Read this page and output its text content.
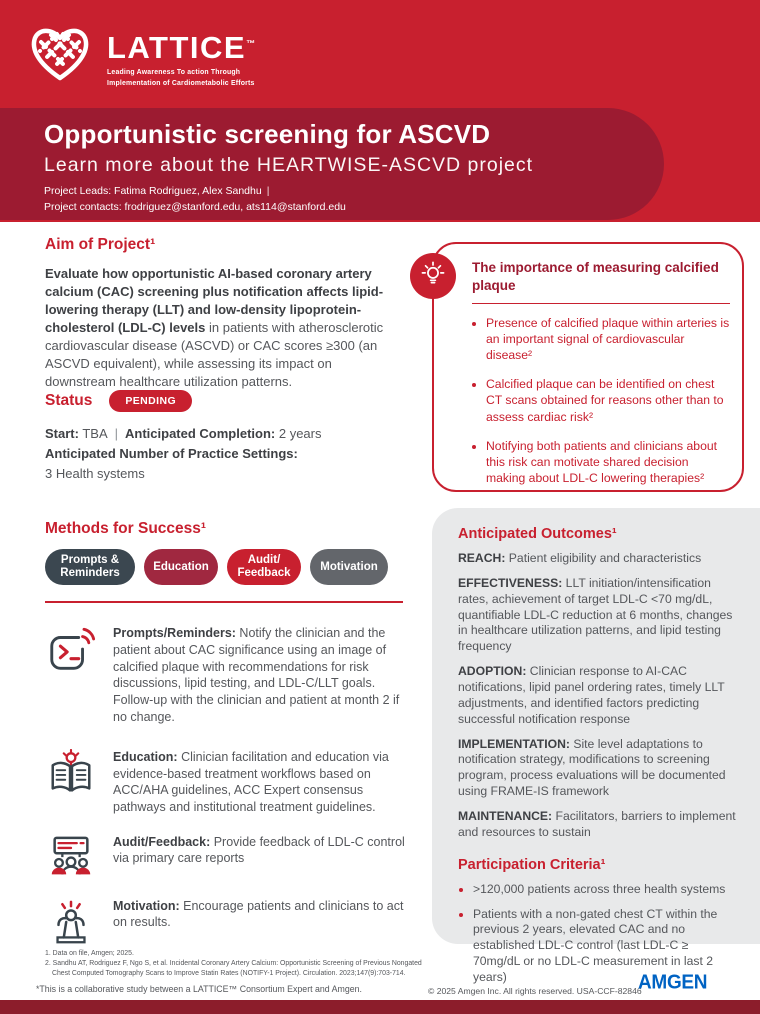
LATTICE™
Leading Awareness To action Through
Implementation of Cardiometabolic Efforts
Opportunistic screening for ASCVD
Learn more about the HEARTWISE-ASCVD project
Project Leads: Fatima Rodriguez, Alex Sandhu |
Project contacts: frodriguez@stanford.edu, ats114@stanford.edu
Aim of Project¹

Evaluate how opportunistic AI-based coronary artery calcium (CAC) screening plus notification affects lipid-lowering therapy (LLT) and low-density lipoprotein-cholesterol (LDL-C) levels in patients with atherosclerotic cardiovascular disease (ASCVD) or CAC scores ≥300 (an ASCVD equivalent), while assessing its impact on downstream healthcare utilization patterns.

Status	PENDING
Start: TBA | Anticipated Completion: 2 years
Anticipated Number of Practice Settings:
3 Health systems
The importance of measuring calcified plaque
• Presence of calcified plaque within arteries is an important signal of cardiovascular disease²
• Calcified plaque can be identified on chest CT scans obtained for reasons other than to assess cardiac risk²
• Notifying both patients and clinicians about this risk can motivate shared decision making about LDL-C lowering therapies²
Methods for Success¹
Prompts & Reminders
Education
Audit/ Feedback
Motivation

Prompts/Reminders: Notify the clinician and the patient about CAC significance using an image of calcified plaque with recommendations for risk discussions, lipid testing, and LDL-C/LLT goals. Follow-up with the clinician and patient at month 2 if no change.

Education: Clinician facilitation and education via evidence-based treatment workflows based on ACC/AHA guidelines, ACC Expert consensus pathways and institutional treatment guidelines.

Audit/Feedback: Provide feedback of LDL-C control via primary care reports

Motivation: Encourage patients and clinicians to act on results.

Anticipated Outcomes¹

REACH: Patient eligibility and characteristics

EFFECTIVENESS: LLT initiation/intensification rates, achievement of target LDL-C <70 mg/dL, quantifiable LDL-C reduction at 6 months, changes in healthcare utilization patterns, and lipid testing frequency

ADOPTION: Clinician response to AI-CAC notifications, lipid panel ordering rates, timely LLT adjustments, and identified factors predicting successful notification response

IMPLEMENTATION: Site level adaptations to notification strategy, modifications to screening program, process evaluations will be documented using FRAME-IS framework

MAINTENANCE: Facilitators, barriers to implement and resources to sustain

Participation Criteria¹
• >120,000 patients across three health systems
• Patients with a non-gated chest CT within the previous 2 years, elevated CAC and no established LDL-C control (last LDL-C ≥ 70mg/dL or no LDL-C measurement in last 2 years)
1. Data on file, Amgen; 2025.
2. Sandhu AT, Rodriguez F, Ngo S, et al. Incidental Coronary Artery Calcium: Opportunistic Screening of Previous Nongated Chest Computed Tomography Scans to Improve Statin Rates (NOTIFY-1 Project). Circulation. 2023;147(9):703-714.
*This is a collaborative study between a LATTICE™ Consortium Expert and Amgen.	© 2025 Amgen Inc. All rights reserved. USA-CCF-82846
AMGEN
